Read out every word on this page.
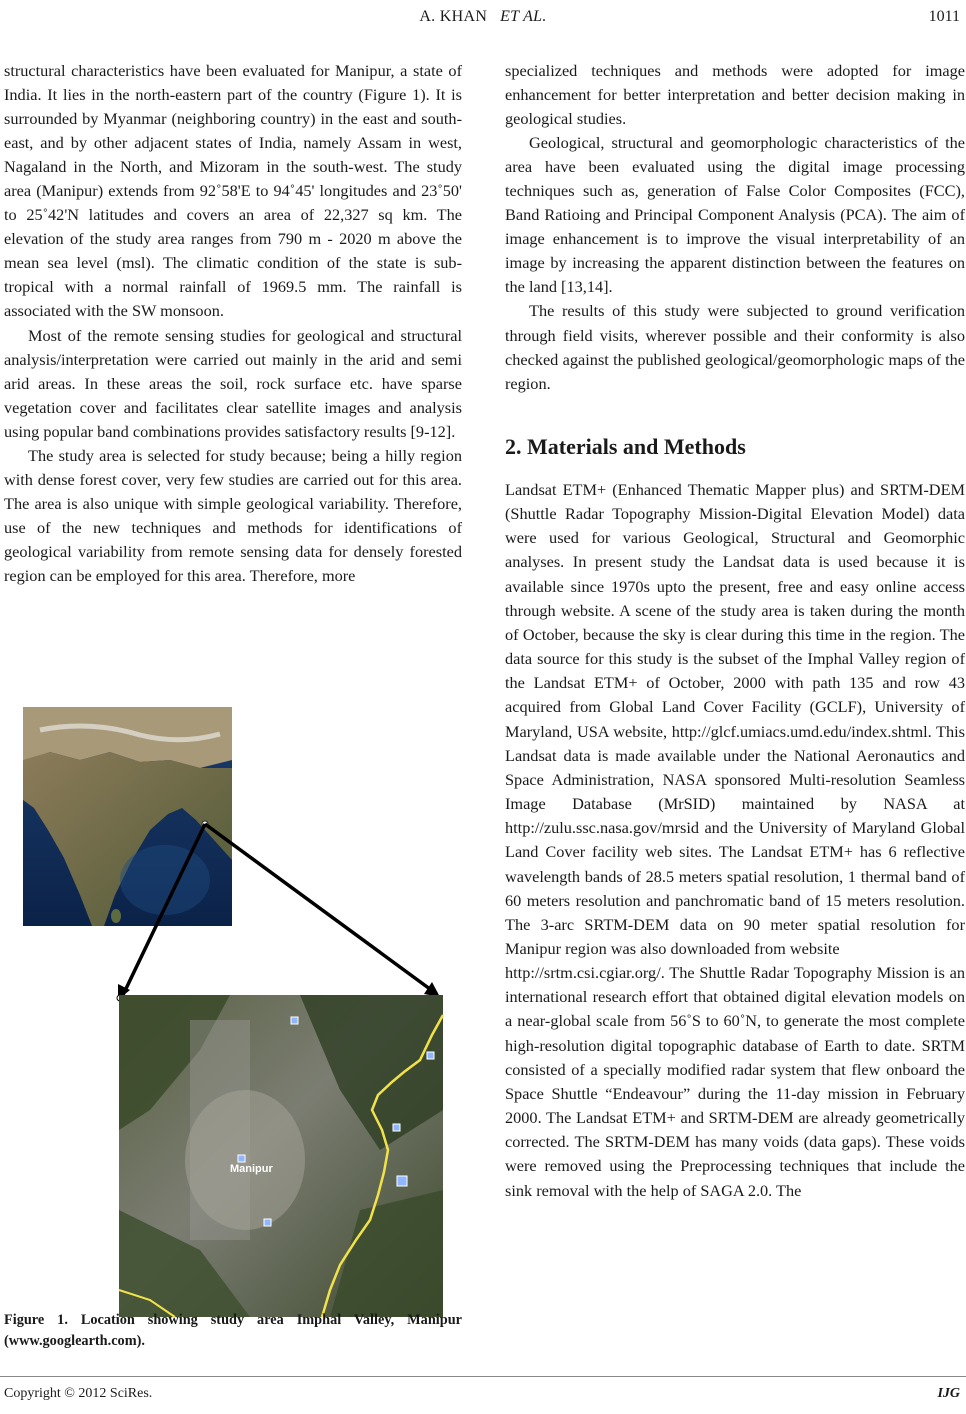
A. KHAN ET AL.	1011

structural characteristics have been evaluated for Manipur, a state of India. It lies in the north-eastern part of the country (Figure 1). It is surrounded by Myanmar (neighboring country) in the east and south-east, and by other adjacent states of India, namely Assam in west, Nagaland in the North, and Mizoram in the south-west. The study area (Manipur) extends from 92˚58'E to 94˚45' longitudes and 23˚50' to 25˚42'N latitudes and covers an area of 22,327 sq km. The elevation of the study area ranges from 790 m - 2020 m above the mean sea level (msl). The climatic condition of the state is sub- tropical with a normal rainfall of 1969.5 mm. The rainfall is associated with the SW monsoon.

Most of the remote sensing studies for geological and structural analysis/interpretation were carried out mainly in the arid and semi arid areas. In these areas the soil, rock surface etc. have sparse vegetation cover and facilitates clear satellite images and analysis using popular band combinations provides satisfactory results [9-12].

The study area is selected for study because; being a hilly region with dense forest cover, very few studies are carried out for this area. The area is also unique with simple geological variability. Therefore, use of the new techniques and methods for identifications of geological variability from remote sensing data for densely forested region can be employed for this area. Therefore, more

Manipur
Figure 1. Location showing study area Imphal Valley, Manipur (www.googlearth.com).

specialized techniques and methods were adopted for image enhancement for better interpretation and better decision making in geological studies.

Geological, structural and geomorphologic characteristics of the area have been evaluated using the digital image processing techniques such as, generation of False Color Composites (FCC), Band Ratioing and Principal Component Analysis (PCA). The aim of image enhancement is to improve the visual interpretability of an image by increasing the apparent distinction between the features on the land [13,14].

The results of this study were subjected to ground verification through field visits, wherever possible and their conformity is also checked against the published geological/geomorphologic maps of the region.

2. Materials and Methods

Landsat ETM+ (Enhanced Thematic Mapper plus) and SRTM-DEM (Shuttle Radar Topography Mission-Digital Elevation Model) data were used for various Geological, Structural and Geomorphic analyses. In present study the Landsat data is used because it is available since 1970s upto the present, free and easy online access through website. A scene of the study area is taken during the month of October, because the sky is clear during this time in the region. The data source for this study is the subset of the Imphal Valley region of the Landsat ETM+ of October, 2000 with path 135 and row 43 acquired from Global Land Cover Facility (GCLF), University of Maryland, USA website, http://glcf.umiacs.umd.edu/index.shtml. This Landsat data is made available under the National Aeronautics and Space Administration, NASA sponsored Multi-resolution Seamless Image Database (MrSID) maintained by NASA at http://zulu.ssc.nasa.gov/mrsid and the University of Maryland Global Land Cover facility web sites. The Landsat ETM+ has 6 reflective wavelength bands of 28.5 meters spatial resolution, 1 thermal band of 60 meters resolution and panchromatic band of 15 meters resolution. The 3-arc SRTM-DEM data on 90 meter spatial resolution for Manipur region was also downloaded from website

http://srtm.csi.cgiar.org/. The Shuttle Radar Topography Mission is an international research effort that obtained digital elevation models on a near-global scale from 56˚S to 60˚N, to generate the most complete high-resolution digital topographic database of Earth to date. SRTM consisted of a specially modified radar system that flew onboard the Space Shuttle “Endeavour” during the 11-day mission in February 2000. The Landsat ETM+ and SRTM-DEM are already geometrically corrected. The SRTM-DEM has many voids (data gaps). These voids were removed using the Preprocessing techniques that include the sink removal with the help of SAGA 2.0. The

Copyright © 2012 SciRes.	IJG
